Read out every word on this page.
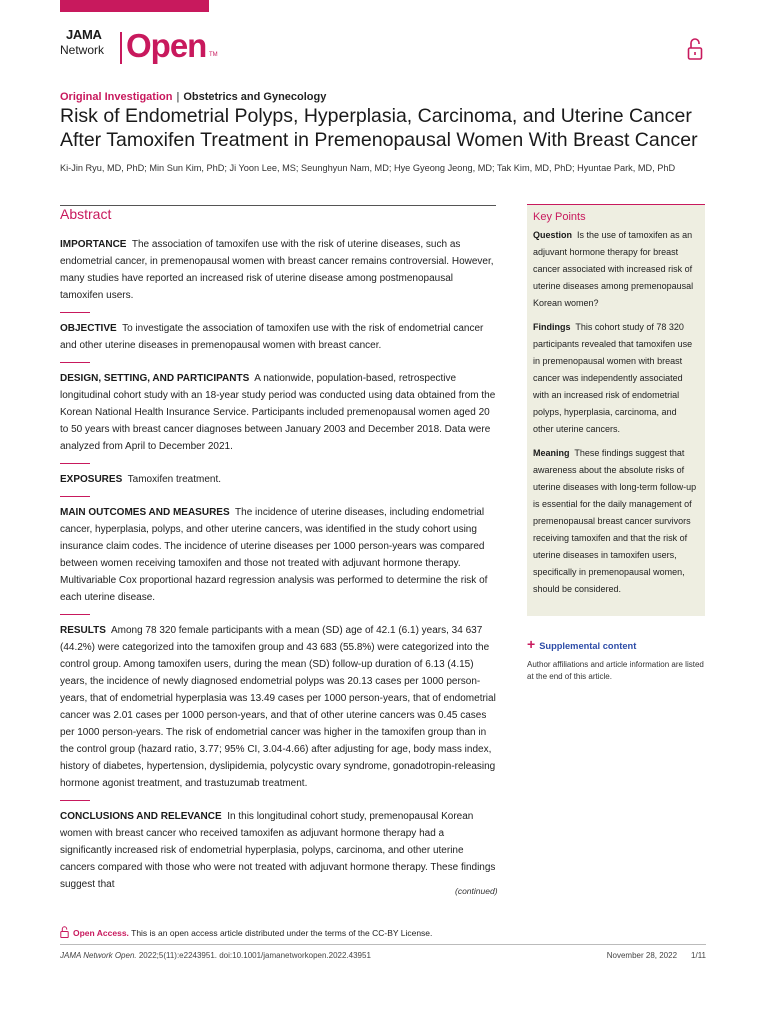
JAMA
Network Open TM
Original Investigation | Obstetrics and Gynecology
Risk of Endometrial Polyps, Hyperplasia, Carcinoma, and Uterine Cancer After Tamoxifen Treatment in Premenopausal Women With Breast Cancer
Ki-Jin Ryu, MD, PhD; Min Sun Kim, PhD; Ji Yoon Lee, MS; Seunghyun Nam, MD; Hye Gyeong Jeong, MD; Tak Kim, MD, PhD; Hyuntae Park, MD, PhD
Abstract

IMPORTANCE The association of tamoxifen use with the risk of uterine diseases, such as endometrial cancer, in premenopausal women with breast cancer remains controversial. However, many studies have reported an increased risk of uterine disease among postmenopausal tamoxifen users.

OBJECTIVE To investigate the association of tamoxifen use with the risk of endometrial cancer and other uterine diseases in premenopausal women with breast cancer.

DESIGN, SETTING, AND PARTICIPANTS A nationwide, population-based, retrospective longitudinal cohort study with an 18-year study period was conducted using data obtained from the Korean National Health Insurance Service. Participants included premenopausal women aged 20 to 50 years with breast cancer diagnoses between January 2003 and December 2018. Data were analyzed from April to December 2021.

EXPOSURES Tamoxifen treatment.

MAIN OUTCOMES AND MEASURES The incidence of uterine diseases, including endometrial cancer, hyperplasia, polyps, and other uterine cancers, was identified in the study cohort using insurance claim codes. The incidence of uterine diseases per 1000 person-years was compared between women receiving tamoxifen and those not treated with adjuvant hormone therapy. Multivariable Cox proportional hazard regression analysis was performed to determine the risk of each uterine disease.

RESULTS Among 78 320 female participants with a mean (SD) age of 42.1 (6.1) years, 34 637 (44.2%) were categorized into the tamoxifen group and 43 683 (55.8%) were categorized into the control group. Among tamoxifen users, during the mean (SD) follow-up duration of 6.13 (4.15) years, the incidence of newly diagnosed endometrial polyps was 20.13 cases per 1000 person-years, that of endometrial hyperplasia was 13.49 cases per 1000 person-years, that of endometrial cancer was 2.01 cases per 1000 person-years, and that of other uterine cancers was 0.45 cases per 1000 person-years. The risk of endometrial cancer was higher in the tamoxifen group than in the control group (hazard ratio, 3.77; 95% CI, 3.04-4.66) after adjusting for age, body mass index, history of diabetes, hypertension, dyslipidemia, polycystic ovary syndrome, gonadotropin-releasing hormone agonist treatment, and trastuzumab treatment.

CONCLUSIONS AND RELEVANCE In this longitudinal cohort study, premenopausal Korean women with breast cancer who received tamoxifen as adjuvant hormone therapy had a significantly increased risk of endometrial hyperplasia, polyps, carcinoma, and other uterine cancers compared with those who were not treated with adjuvant hormone therapy. These findings suggest that

(continued)
Key Points

Question Is the use of tamoxifen as an adjuvant hormone therapy for breast cancer associated with increased risk of uterine diseases among premenopausal Korean women?

Findings This cohort study of 78 320 participants revealed that tamoxifen use in premenopausal women with breast cancer was independently associated with an increased risk of endometrial polyps, hyperplasia, carcinoma, and other uterine cancers.

Meaning These findings suggest that awareness about the absolute risks of uterine diseases with long-term follow-up is essential for the daily management of premenopausal breast cancer survivors receiving tamoxifen and that the risk of uterine diseases in tamoxifen users, specifically in premenopausal women, should be considered.

+ Supplemental content
Author affiliations and article information are listed at the end of this article.
Open Access. This is an open access article distributed under the terms of the CC-BY License.
JAMA Network Open. 2022;5(11):e2243951. doi:10.1001/jamanetworkopen.2022.43951	November 28, 2022 1/11
